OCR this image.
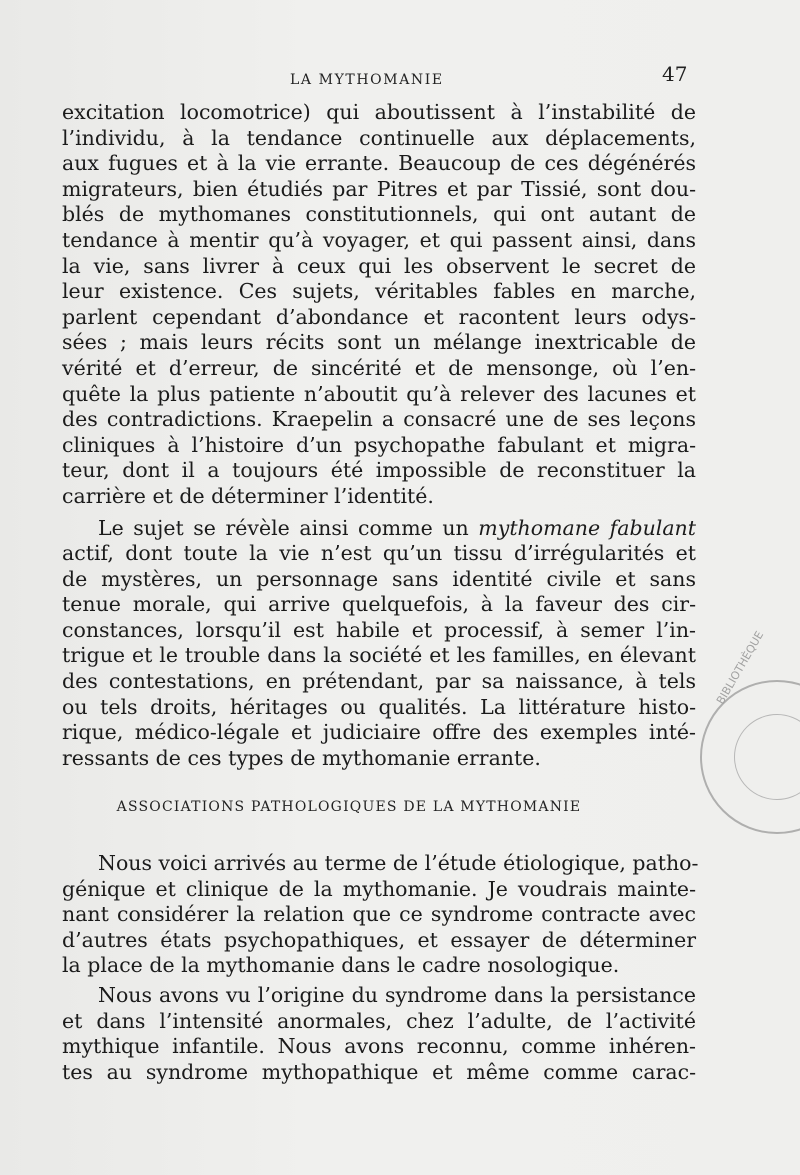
LA MYTHOMANIE	47
excitation locomotrice) qui aboutissent à l’instabilité de
l’individu, à la tendance continuelle aux déplacements,
aux fugues et à la vie errante. Beaucoup de ces dégénérés
migrateurs, bien étudiés par Pitres et par Tissié, sont dou-
blés de mythomanes constitutionnels, qui ont autant de
tendance à mentir qu’à voyager, et qui passent ainsi, dans
la vie, sans livrer à ceux qui les observent le secret de
leur existence. Ces sujets, véritables fables en marche,
parlent cependant d’abondance et racontent leurs odys-
sées ; mais leurs récits sont un mélange inextricable de
vérité et d’erreur, de sincérité et de mensonge, où l’en-
quête la plus patiente n’aboutit qu’à relever des lacunes et
des contradictions. Kraepelin a consacré une de ses leçons
cliniques à l’histoire d’un psychopathe fabulant et migra-
teur, dont il a toujours été impossible de reconstituer la
carrière et de déterminer l’identité.
Le sujet se révèle ainsi comme un mythomane fabulant
actif, dont toute la vie n’est qu’un tissu d’irrégularités et
de mystères, un personnage sans identité civile et sans
tenue morale, qui arrive quelquefois, à la faveur des cir-
constances, lorsqu’il est habile et processif, à semer l’in-
trigue et le trouble dans la société et les familles, en élevant
des contestations, en prétendant, par sa naissance, à tels
ou tels droits, héritages ou qualités. La littérature histo-
rique, médico-légale et judiciaire offre des exemples inté-
ressants de ces types de mythomanie errante.
ASSOCIATIONS PATHOLOGIQUES DE LA MYTHOMANIE
Nous voici arrivés au terme de l’étude étiologique, patho-
génique et clinique de la mythomanie. Je voudrais mainte-
nant considérer la relation que ce syndrome contracte avec
d’autres états psychopathiques, et essayer de déterminer
la place de la mythomanie dans le cadre nosologique.
Nous avons vu l’origine du syndrome dans la persistance
et dans l’intensité anormales, chez l’adulte, de l’activité
mythique infantile. Nous avons reconnu, comme inhéren-
tes au syndrome mythopathique et même comme carac-
BIBLIOTHÈQUE
